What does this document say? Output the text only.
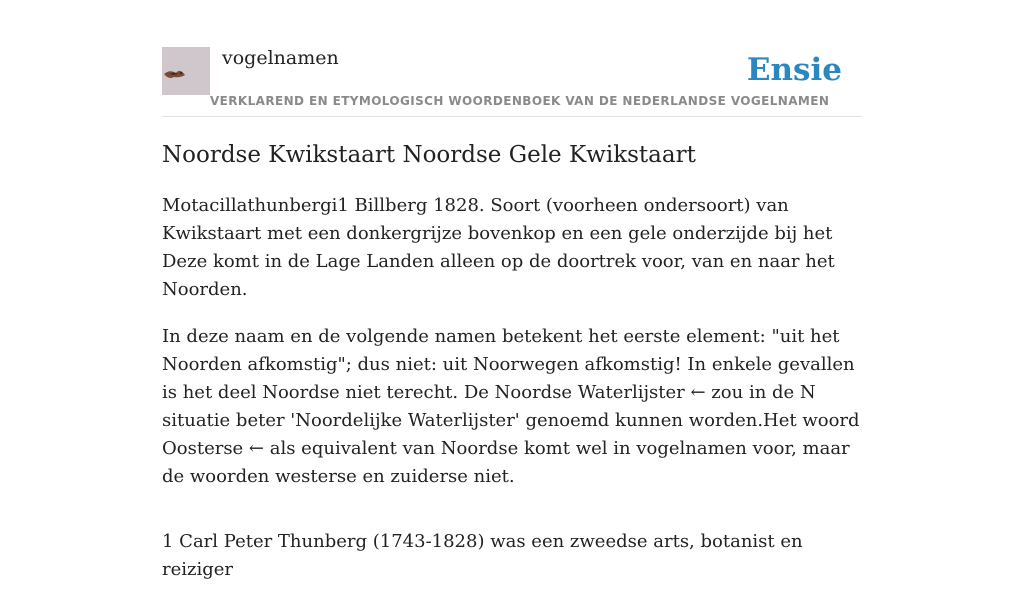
vogelnamen	Ensie
VERKLAREND EN ETYMOLOGISCH WOORDENBOEK VAN DE NEDERLANDSE VOGELNAMEN
Noordse Kwikstaart Noordse Gele Kwikstaart

Motacillathunbergi1 Billberg 1828. Soort (voorheen ondersoort) van Kwikstaart met een donkergrijze bovenkop en een gele onderzijde bij het Deze komt in de Lage Landen alleen op de doortrek voor, van en naar het Noorden.

In deze naam en de volgende namen betekent het eerste element: "uit het Noorden afkomstig"; dus niet: uit Noorwegen afkomstig! In enkele gevallen is het deel Noordse niet terecht. De Noordse Waterlijster ← zou in de N situatie beter 'Noordelijke Waterlijster' genoemd kunnen worden.Het woord Oosterse ← als equivalent van Noordse komt wel in vogelnamen voor, maar de woorden westerse en zuiderse niet.

1 Carl Peter Thunberg (1743-1828) was een zweedse arts, botanist en reiziger
